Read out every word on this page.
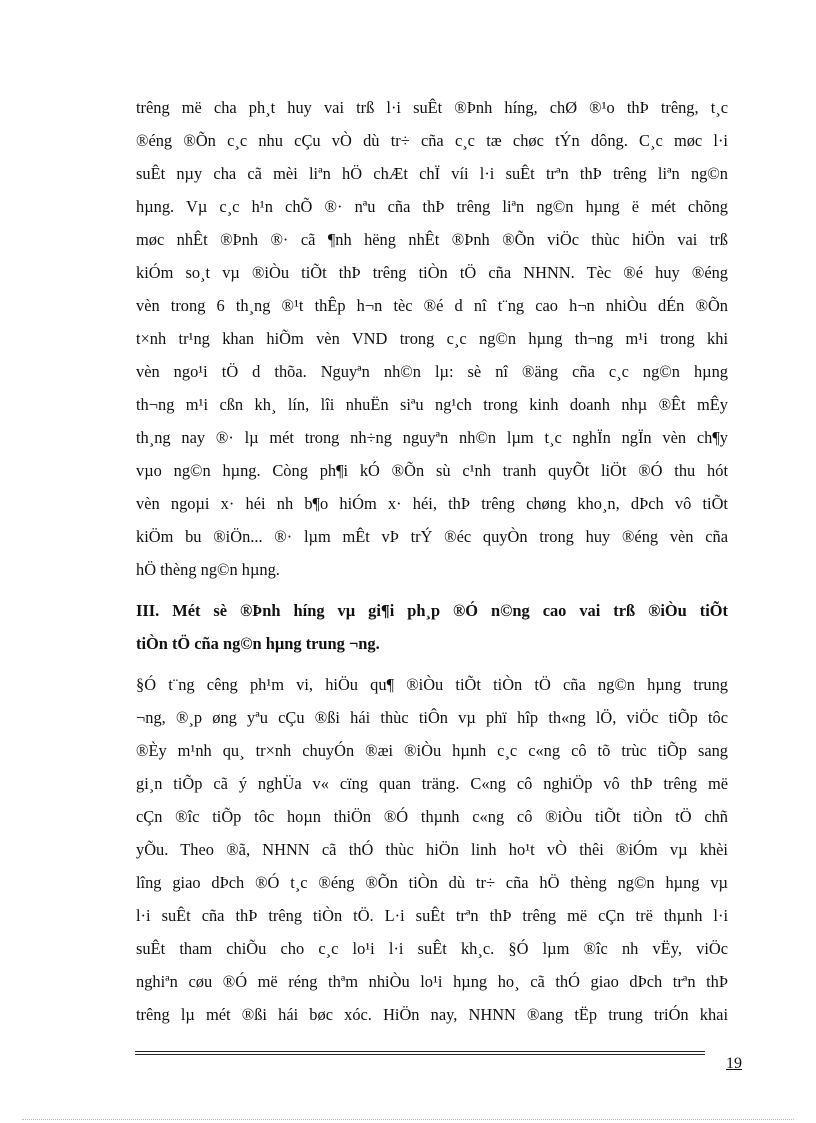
trêng më cha ph¸t huy vai trß l·i suÊt ®Þnh híng, chØ ®¹o thÞ trêng, t¸c
®éng ®Õn c¸c nhu cÇu vÒ dù tr÷ cña c¸c tæ chøc tÝn dông. C¸c møc l·i
suÊt nµy cha cã mèi liªn hÖ chÆt chÏ víi l·i suÊt trªn thÞ trêng liªn ng©n
hµng. Vµ c¸c h¹n chÕ ®· nªu cña thÞ trêng liªn ng©n hµng ë mét chõng
møc nhÊt ®Þnh ®· cã ¶nh hëng nhÊt ®Þnh ®Õn viÖc thùc hiÖn vai trß
kiÓm so¸t vµ ®iÒu tiÕt thÞ trêng tiÒn tÖ cña NHNN. Tèc ®é huy ®éng
vèn trong 6 th¸ng ®¹t thÊp h¬n tèc ®é d nî t¨ng cao h¬n nhiÒu dÉn ®Õn
t×nh tr¹ng khan hiÕm vèn VND trong c¸c ng©n hµng th¬ng m¹i trong khi
vèn ngo¹i tÖ d thõa. Nguyªn nh©n lµ: sè nî ®äng cña c¸c ng©n hµng
th¬ng m¹i cßn kh¸ lín, lîi nhuËn siªu ng¹ch trong kinh doanh nhµ ®Êt mÊy
th¸ng nay ®· lµ mét trong nh÷ng nguyªn nh©n lµm t¸c nghÏn ngÏn vèn ch¶y
vµo ng©n hµng. Còng ph¶i kÓ ®Õn sù c¹nh tranh quyÕt liÖt ®Ó thu hót
vèn ngoµi x· héi nh b¶o hiÓm x· héi, thÞ trêng chøng kho¸n, dÞch vô tiÕt
kiÖm bu ®iÖn... ®· lµm mÊt vÞ trÝ ®éc quyÒn trong huy ®éng vèn cña
hÖ thèng ng©n hµng.
III. Mét sè ®Þnh híng vµ gi¶i ph¸p ®Ó n©ng cao vai trß ®iÒu tiÕt
tiÒn tÖ cña ng©n hµng trung ¬ng.
§Ó t¨ng cêng ph¹m vi, hiÖu qu¶ ®iÒu tiÕt tiÒn tÖ cña ng©n hµng trung
¬ng, ®¸p øng yªu cÇu ®ßi hái thùc tiÔn vµ phï hîp th«ng lÖ, viÖc tiÕp tôc
®Èy m¹nh qu¸ tr×nh chuyÓn ®æi ®iÒu hµnh c¸c c«ng cô tõ trùc tiÕp sang
gi¸n tiÕp cã ý nghÜa v« cïng quan träng. C«ng cô nghiÖp vô thÞ trêng më
cÇn ®îc tiÕp tôc hoµn thiÖn ®Ó thµnh c«ng cô ®iÒu tiÕt tiÒn tÖ chñ
yÕu. Theo ®ã, NHNN cã thÓ thùc hiÖn linh ho¹t vÒ thêi ®iÓm vµ khèi
lîng giao dÞch ®Ó t¸c ®éng ®Õn tiÒn dù tr÷ cña hÖ thèng ng©n hµng vµ
l·i suÊt cña thÞ trêng tiÒn tÖ. L·i suÊt trªn thÞ trêng më cÇn trë thµnh l·i
suÊt tham chiÕu cho c¸c lo¹i l·i suÊt kh¸c. §Ó lµm ®îc nh vËy, viÖc
nghiªn cøu ®Ó më réng thªm nhiÒu lo¹i hµng ho¸ cã thÓ giao dÞch trªn thÞ
trêng lµ mét ®ßi hái bøc xóc. HiÖn nay, NHNN ®ang tËp trung triÓn khai
19
